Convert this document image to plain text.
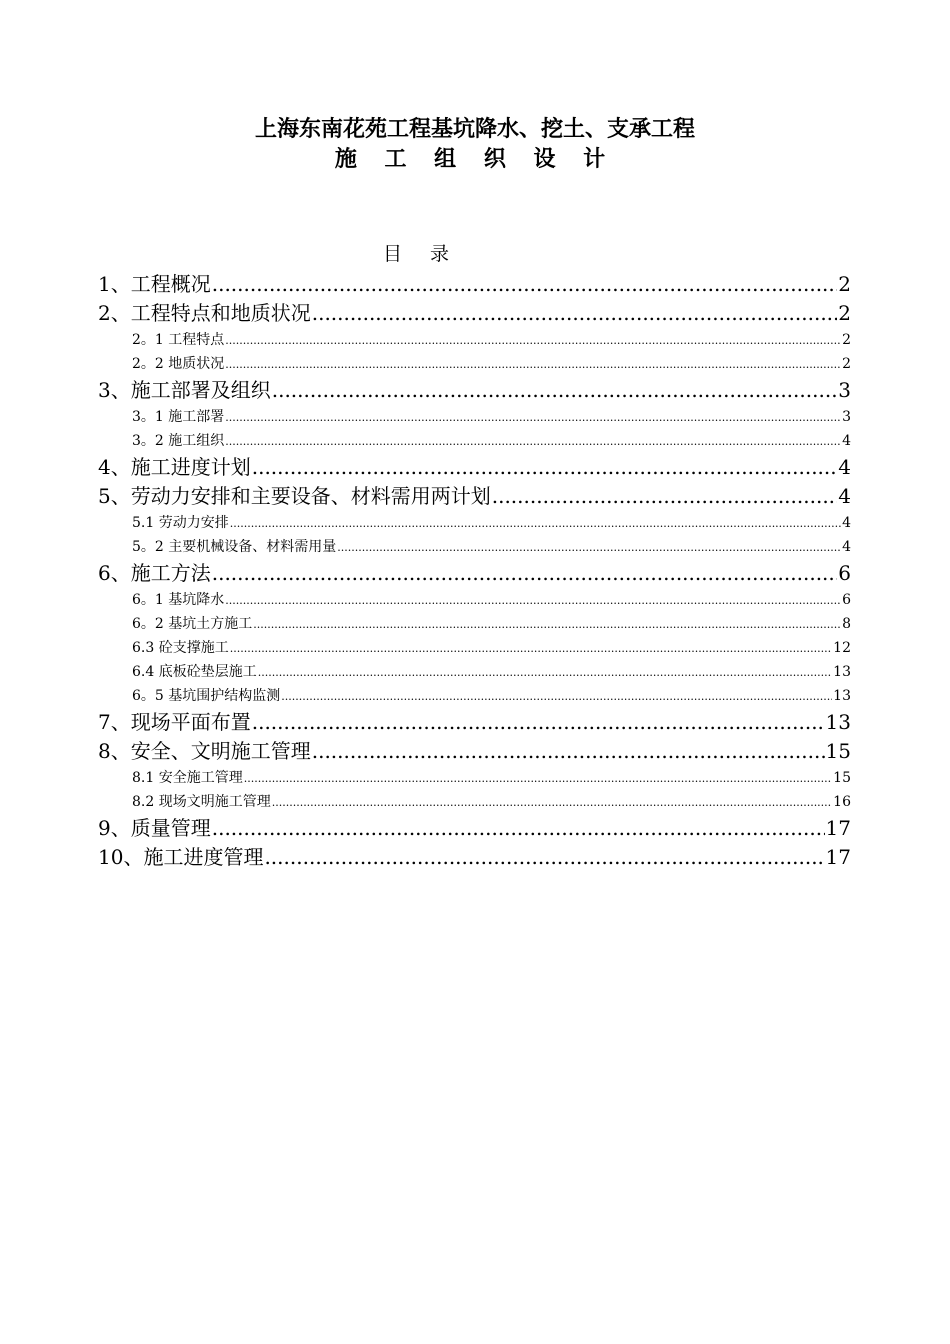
上海东南花苑工程基坑降水、挖土、支承工程
施 工 组 织 设 计
目录
1、工程概况 .....	2
2、工程特点和地质状况 .....	2
2。1 工程特点 .....	2
2。2 地质状况 .....	2
3、施工部署及组织 .....	3
3。1 施工部署 .....	3
3。2 施工组织 .....	4
4、施工进度计划 .....	4
5、劳动力安排和主要设备、材料需用两计划 .....	4
5.1 劳动力安排 .....	4
5。2 主要机械设备、材料需用量 .....	4
6、施工方法 .....	6
6。1 基坑降水 .....	6
6。2 基坑土方施工 .....	8
6.3 砼支撑施工 .....	12
6.4 底板砼垫层施工 .....	13
6。5 基坑围护结构监测 .....	13
7、现场平面布置 .....	13
8、安全、文明施工管理 .....	15
8.1 安全施工管理 .....	15
8.2 现场文明施工管理 .....	16
9、质量管理 .....	17
10、施工进度管理 .....	17
